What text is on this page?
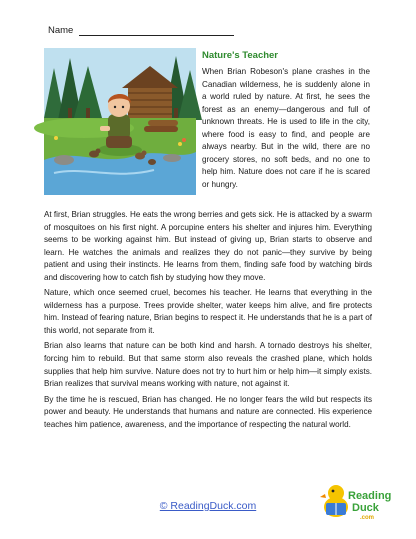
Name
Nature's Teacher

When Brian Robeson's plane crashes in the Canadian wilderness, he is suddenly alone in a world ruled by nature. At first, he sees the forest as an enemy—dangerous and full of unknown threats. He is used to life in the city, where food is easy to find, and people are always nearby. But in the wild, there are no grocery stores, no soft beds, and no one to help him. Nature does not care if he is scared or hungry.

At first, Brian struggles. He eats the wrong berries and gets sick. He is attacked by a swarm of mosquitoes on his first night. A porcupine enters his shelter and injures him. Everything seems to be working against him. But instead of giving up, Brian starts to observe and learn. He watches the animals and realizes they do not panic—they survive by being patient and using their instincts. He learns from them, finding safe food by watching birds and discovering how to catch fish by studying how they move.

Nature, which once seemed cruel, becomes his teacher. He learns that everything in the wilderness has a purpose. Trees provide shelter, water keeps him alive, and fire protects him. Instead of fearing nature, Brian begins to respect it. He understands that he is a part of this world, not separate from it.

Brian also learns that nature can be both kind and harsh. A tornado destroys his shelter, forcing him to rebuild. But that same storm also reveals the crashed plane, which holds supplies that help him survive. Nature does not try to hurt him or help him—it simply exists. Brian realizes that survival means working with nature, not against it.

By the time he is rescued, Brian has changed. He no longer fears the wild but respects its power and beauty. He understands that humans and nature are connected. His experience teaches him patience, awareness, and the importance of respecting the natural world.

© ReadingDuck.com
Reading
Duck
.com
